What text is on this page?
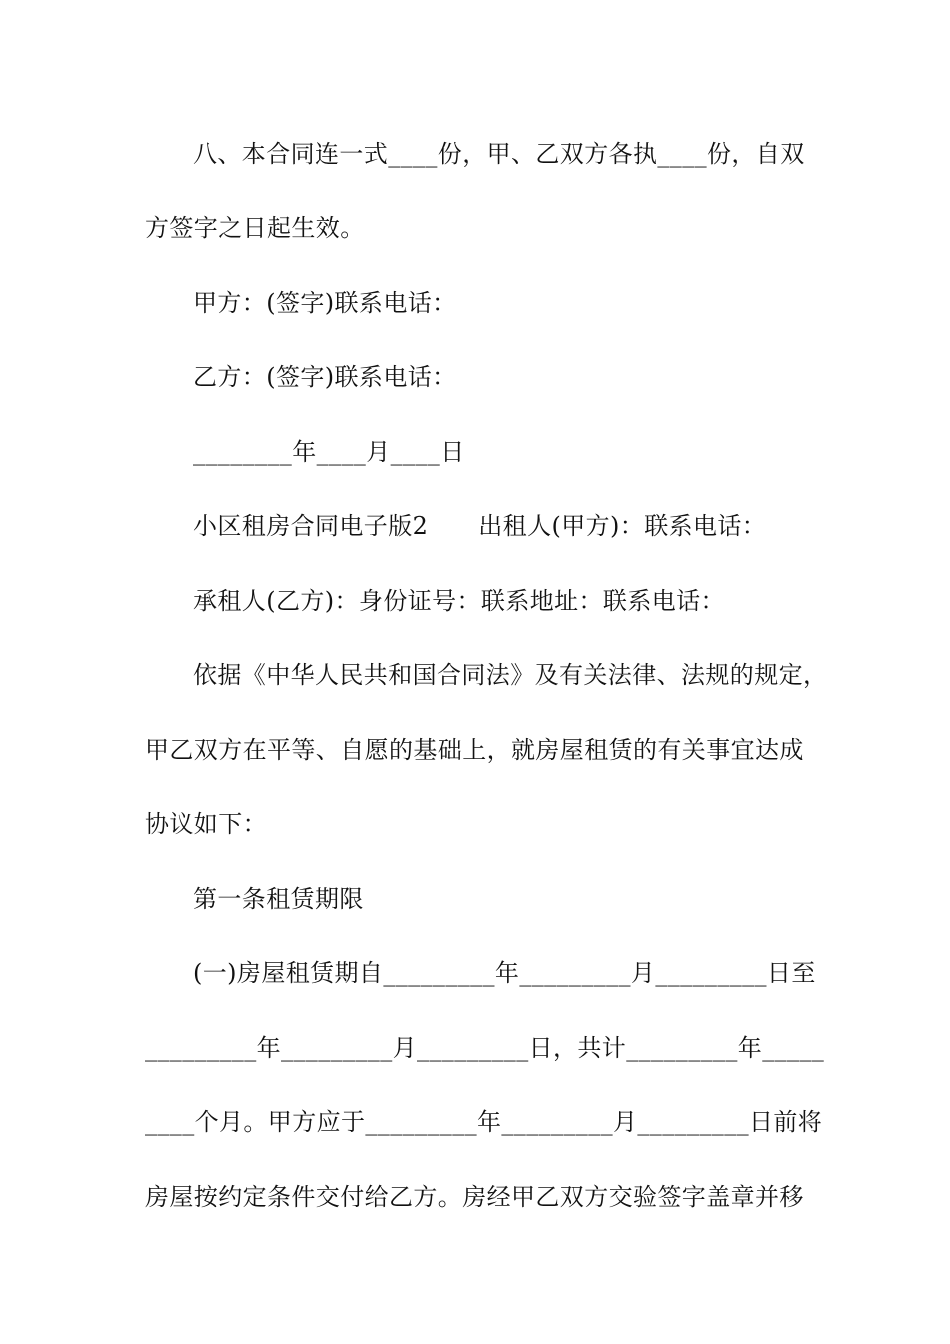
八、本合同连一式____份，甲、乙双方各执____份，自双
方签字之日起生效。
甲方：(签字)联系电话：
乙方：(签字)联系电话：
________年____月____日
小区租房合同电子版2 出租人(甲方)：联系电话：
承租人(乙方)：身份证号：联系地址：联系电话：
依据《中华人民共和国合同法》及有关法律、法规的规定，
甲乙双方在平等、自愿的基础上，就房屋租赁的有关事宜达成
协议如下：
第一条租赁期限
(一)房屋租赁期自_________年_________月_________日至
_________年_________月_________日，共计_________年_____
____个月。甲方应于_________年_________月_________日前将
房屋按约定条件交付给乙方。房经甲乙双方交验签字盖章并移
